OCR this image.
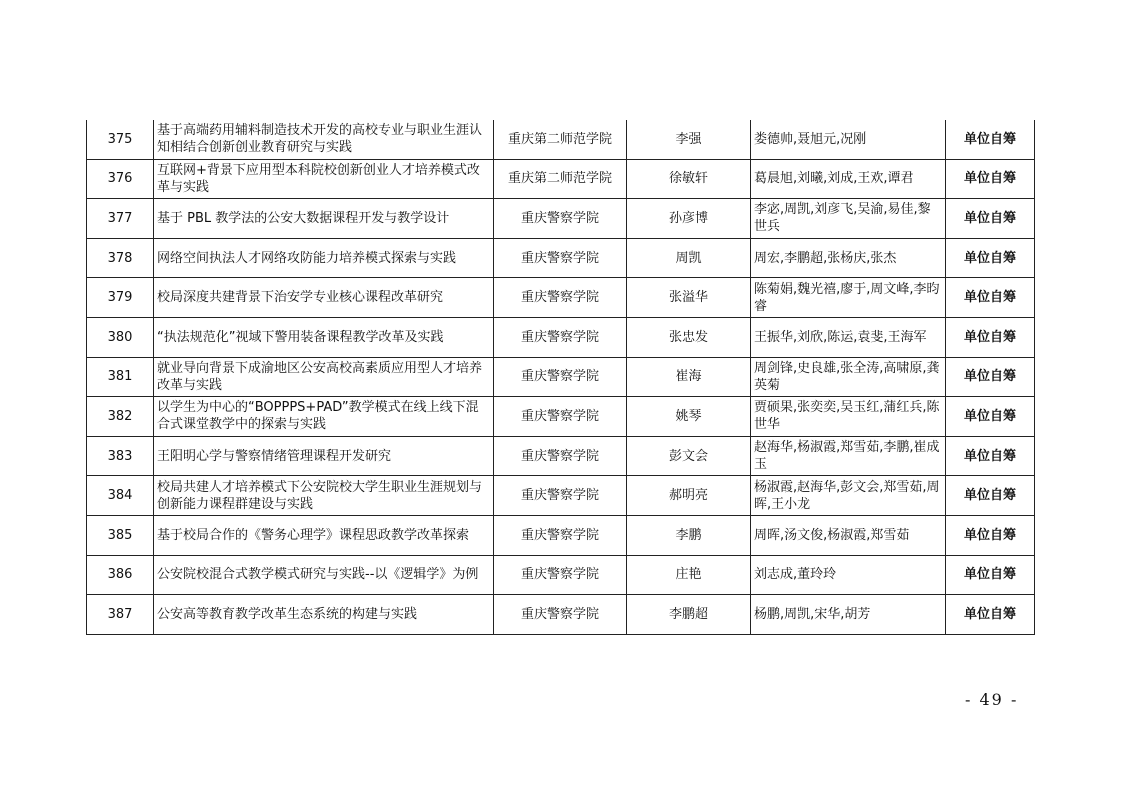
375	基于高端药用辅料制造技术开发的高校专业与职业生涯认知相结合创新创业教育研究与实践	重庆第二师范学院	李强	娄德帅,聂旭元,况刚	单位自筹
376	互联网+背景下应用型本科院校创新创业人才培养模式改革与实践	重庆第二师范学院	徐敏轩	葛晨旭,刘曦,刘成,王欢,谭君	单位自筹
377	基于 PBL 教学法的公安大数据课程开发与教学设计	重庆警察学院	孙彦博	李宓,周凯,刘彦飞,吴渝,易佳,黎世兵	单位自筹
378	网络空间执法人才网络攻防能力培养模式探索与实践	重庆警察学院	周凯	周宏,李鹏超,张杨庆,张杰	单位自筹
379	校局深度共建背景下治安学专业核心课程改革研究	重庆警察学院	张溢华	陈菊娟,魏光禧,廖于,周文峰,李昀睿	单位自筹
380	“执法规范化”视域下警用装备课程教学改革及实践	重庆警察学院	张忠发	王振华,刘欣,陈运,袁斐,王海军	单位自筹
381	就业导向背景下成渝地区公安高校高素质应用型人才培养改革与实践	重庆警察学院	崔海	周剑锋,史良雄,张全涛,高啸原,龚英菊	单位自筹
382	以学生为中心的“BOPPPS+PAD”教学模式在线上线下混合式课堂教学中的探索与实践	重庆警察学院	姚琴	贾硕果,张奕奕,吴玉红,蒲红兵,陈世华	单位自筹
383	王阳明心学与警察情绪管理课程开发研究	重庆警察学院	彭文会	赵海华,杨淑霞,郑雪茹,李鹏,崔成玉	单位自筹
384	校局共建人才培养模式下公安院校大学生职业生涯规划与创新能力课程群建设与实践	重庆警察学院	郝明亮	杨淑霞,赵海华,彭文会,郑雪茹,周晖,王小龙	单位自筹
385	基于校局合作的《警务心理学》课程思政教学改革探索	重庆警察学院	李鹏	周晖,汤文俊,杨淑霞,郑雪茹	单位自筹
386	公安院校混合式教学模式研究与实践--以《逻辑学》为例	重庆警察学院	庄艳	刘志成,董玲玲	单位自筹
387	公安高等教育教学改革生态系统的构建与实践	重庆警察学院	李鹏超	杨鹏,周凯,宋华,胡芳	单位自筹
- 49 -
